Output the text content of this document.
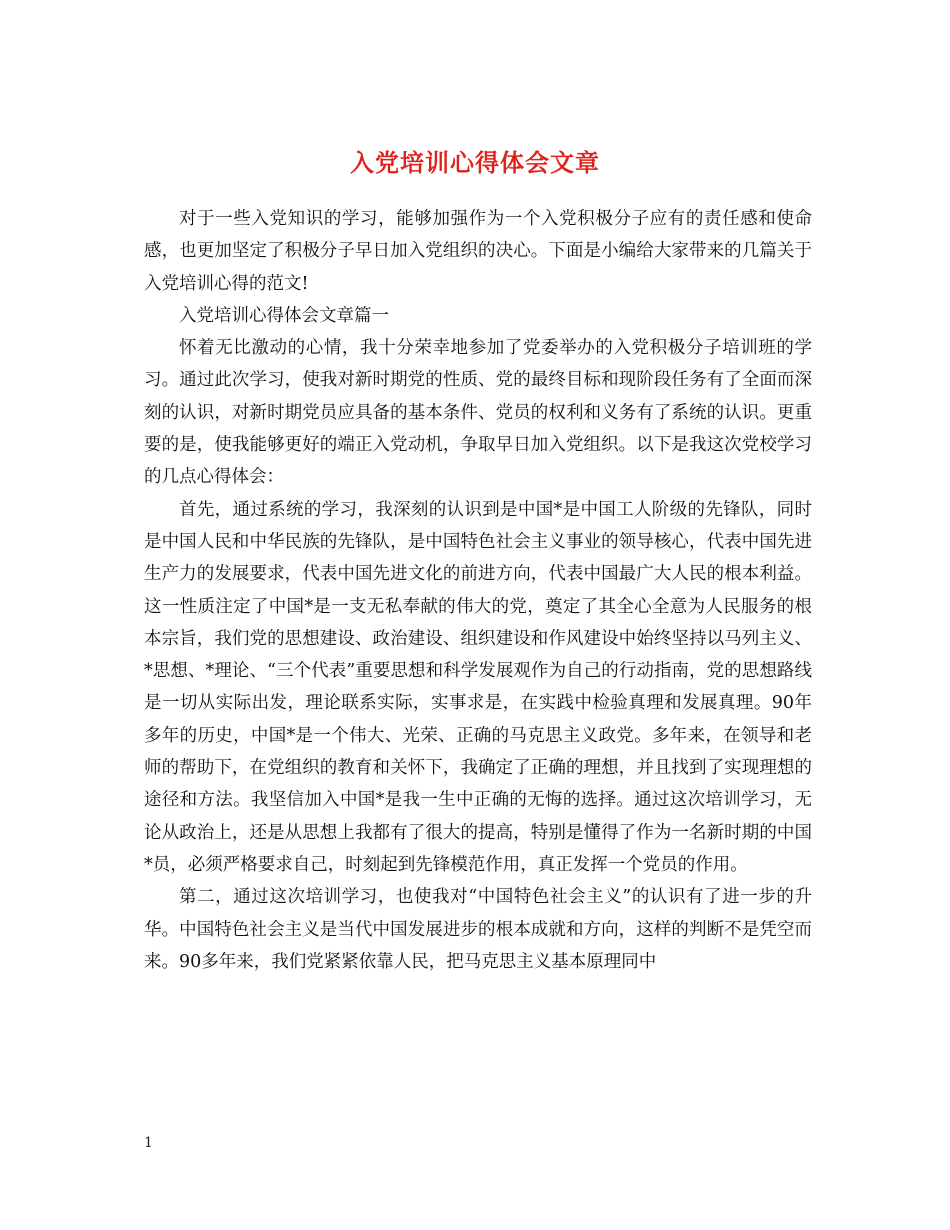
入党培训心得体会文章

对于一些入党知识的学习，能够加强作为一个入党积极分子应有的责任感和使命感，也更加坚定了积极分子早日加入党组织的决心。下面是小编给大家带来的几篇关于入党培训心得的范文!

入党培训心得体会文章篇一

怀着无比激动的心情，我十分荣幸地参加了党委举办的入党积极分子培训班的学习。通过此次学习，使我对新时期党的性质、党的最终目标和现阶段任务有了全面而深刻的认识，对新时期党员应具备的基本条件、党员的权利和义务有了系统的认识。更重要的是，使我能够更好的端正入党动机，争取早日加入党组织。以下是我这次党校学习的几点心得体会：

首先，通过系统的学习，我深刻的认识到是中国*是中国工人阶级的先锋队，同时是中国人民和中华民族的先锋队，是中国特色社会主义事业的领导核心，代表中国先进生产力的发展要求，代表中国先进文化的前进方向，代表中国最广大人民的根本利益。这一性质注定了中国*是一支无私奉献的伟大的党，奠定了其全心全意为人民服务的根本宗旨，我们党的思想建设、政治建设、组织建设和作风建设中始终坚持以马列主义、*思想、*理论、“三个代表”重要思想和科学发展观作为自己的行动指南，党的思想路线是一切从实际出发，理论联系实际，实事求是，在实践中检验真理和发展真理。90年多年的历史，中国*是一个伟大、光荣、正确的马克思主义政党。多年来，在领导和老师的帮助下，在党组织的教育和关怀下，我确定了正确的理想，并且找到了实现理想的途径和方法。我坚信加入中国*是我一生中正确的无悔的选择。通过这次培训学习，无论从政治上，还是从思想上我都有了很大的提高，特别是懂得了作为一名新时期的中国*员，必须严格要求自己，时刻起到先锋模范作用，真正发挥一个党员的作用。

第二，通过这次培训学习，也使我对“中国特色社会主义”的认识有了进一步的升华。中国特色社会主义是当代中国发展进步的根本成就和方向，这样的判断不是凭空而来。90多年来，我们党紧紧依靠人民，把马克思主义基本原理同中

1
